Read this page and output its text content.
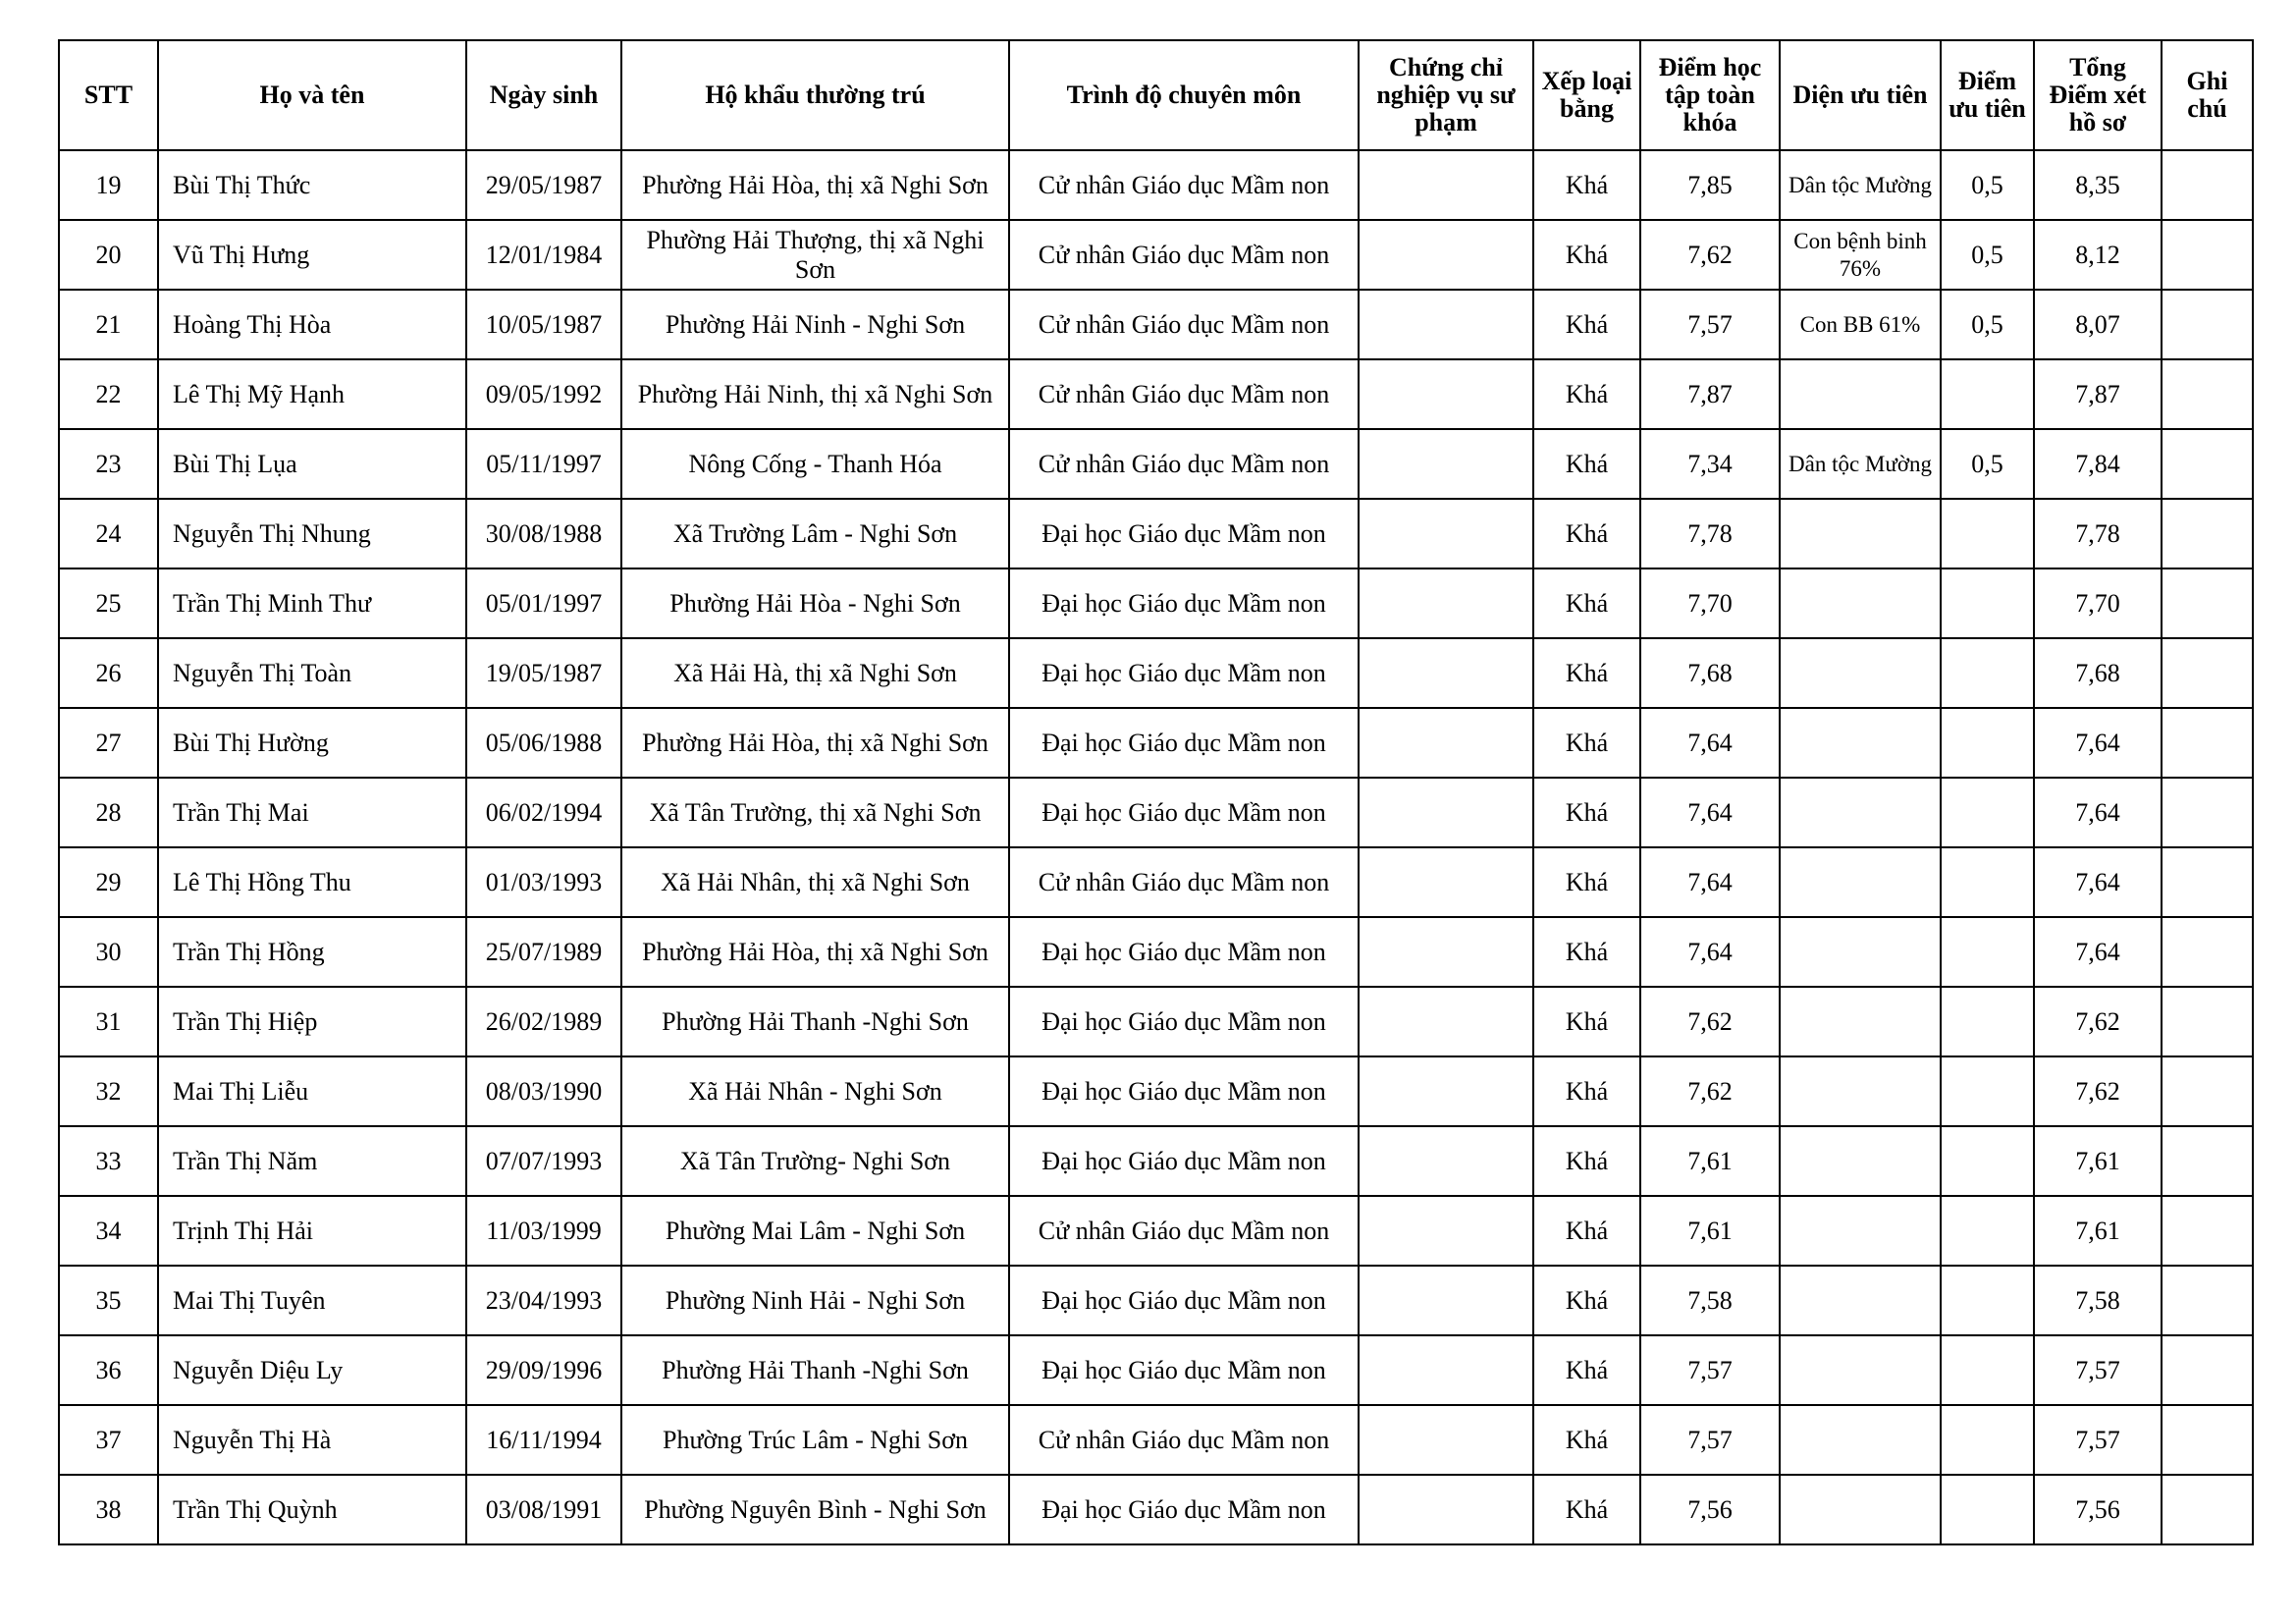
STT	Họ và tên	Ngày sinh	Hộ khẩu thường trú	Trình độ chuyên môn	Chứng chỉ nghiệp vụ sư phạm	Xếp loại bằng	Điểm học tập toàn khóa	Diện ưu tiên	Điểm ưu tiên	Tổng Điểm xét hồ sơ	Ghi chú
19	Bùi Thị Thức	29/05/1987	Phường Hải Hòa, thị xã Nghi Sơn	Cử nhân Giáo dục Mầm non		Khá	7,85	Dân tộc Mường	0,5	8,35	
20	Vũ Thị Hưng	12/01/1984	Phường Hải Thượng, thị xã Nghi Sơn	Cử nhân Giáo dục Mầm non		Khá	7,62	Con bệnh binh 76%	0,5	8,12	
21	Hoàng Thị Hòa	10/05/1987	Phường Hải Ninh - Nghi Sơn	Cử nhân Giáo dục Mầm non		Khá	7,57	Con BB 61%	0,5	8,07	
22	Lê Thị Mỹ Hạnh	09/05/1992	Phường Hải Ninh, thị xã Nghi Sơn	Cử nhân Giáo dục Mầm non		Khá	7,87			7,87	
23	Bùi Thị Lụa	05/11/1997	Nông Cống - Thanh Hóa	Cử nhân Giáo dục Mầm non		Khá	7,34	Dân tộc Mường	0,5	7,84	
24	Nguyễn Thị Nhung	30/08/1988	Xã Trường Lâm - Nghi Sơn	Đại học Giáo dục Mầm non		Khá	7,78			7,78	
25	Trần Thị Minh Thư	05/01/1997	Phường Hải Hòa - Nghi Sơn	Đại học Giáo dục Mầm non		Khá	7,70			7,70	
26	Nguyễn Thị Toàn	19/05/1987	Xã Hải Hà, thị xã Nghi Sơn	Đại học Giáo dục Mầm non		Khá	7,68			7,68	
27	Bùi Thị Hường	05/06/1988	Phường Hải Hòa, thị xã Nghi Sơn	Đại học Giáo dục Mầm non		Khá	7,64			7,64	
28	Trần Thị Mai	06/02/1994	Xã Tân Trường, thị xã Nghi Sơn	Đại học Giáo dục Mầm non		Khá	7,64			7,64	
29	Lê Thị Hồng Thu	01/03/1993	Xã Hải Nhân, thị xã Nghi Sơn	Cử nhân Giáo dục Mầm non		Khá	7,64			7,64	
30	Trần Thị Hồng	25/07/1989	Phường Hải Hòa, thị xã Nghi Sơn	Đại học Giáo dục Mầm non		Khá	7,64			7,64	
31	Trần Thị Hiệp	26/02/1989	Phường Hải Thanh -Nghi Sơn	Đại học Giáo dục Mầm non		Khá	7,62			7,62	
32	Mai Thị Liễu	08/03/1990	Xã Hải Nhân - Nghi Sơn	Đại học Giáo dục Mầm non		Khá	7,62			7,62	
33	Trần Thị Năm	07/07/1993	Xã Tân Trường- Nghi Sơn	Đại học Giáo dục Mầm non		Khá	7,61			7,61	
34	Trịnh Thị Hải	11/03/1999	Phường Mai Lâm - Nghi Sơn	Cử nhân Giáo dục Mầm non		Khá	7,61			7,61	
35	Mai Thị Tuyên	23/04/1993	Phường Ninh Hải - Nghi Sơn	Đại học Giáo dục Mầm non		Khá	7,58			7,58	
36	Nguyễn Diệu Ly	29/09/1996	Phường Hải Thanh -Nghi Sơn	Đại học Giáo dục Mầm non		Khá	7,57			7,57	
37	Nguyễn Thị Hà	16/11/1994	Phường Trúc Lâm - Nghi Sơn	Cử nhân Giáo dục Mầm non		Khá	7,57			7,57	
38	Trần Thị Quỳnh	03/08/1991	Phường Nguyên Bình - Nghi Sơn	Đại học Giáo dục Mầm non		Khá	7,56			7,56	
